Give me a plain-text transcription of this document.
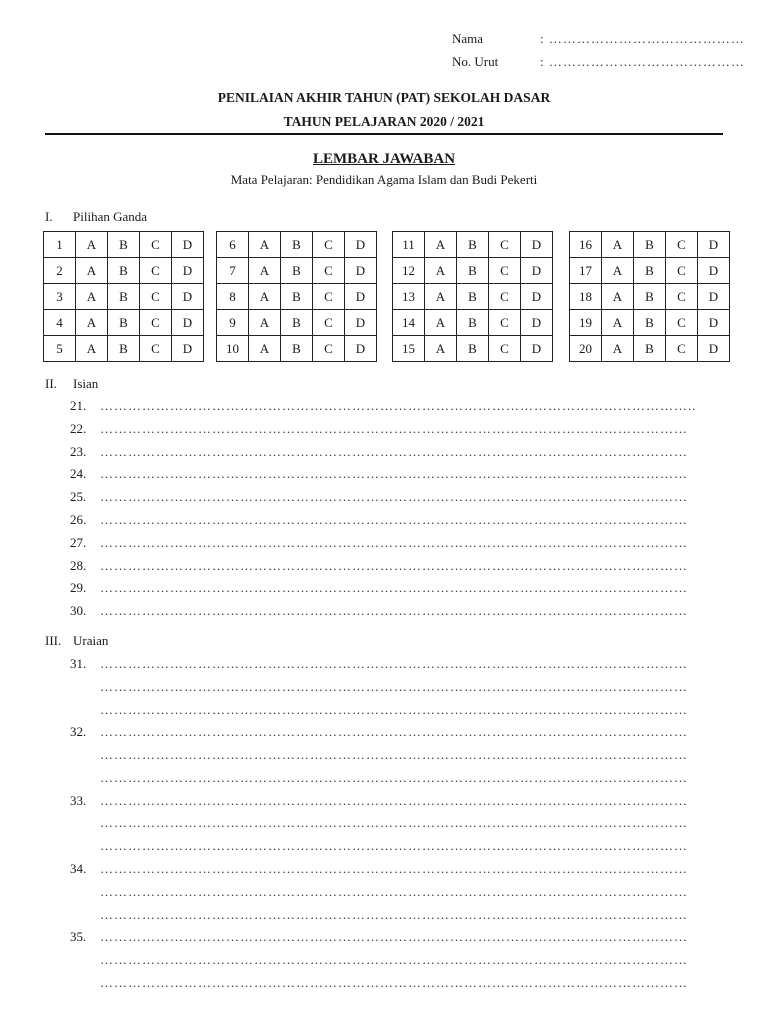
Nama	: ……………………………………
No. Urut	: ……………………………………
PENILAIAN AKHIR TAHUN (PAT) SEKOLAH DASAR
TAHUN PELAJARAN 2020 / 2021
LEMBAR JAWABAN
Mata Pelajaran: Pendidikan Agama Islam dan Budi Pekerti
I. Pilihan Ganda
1	A	B	C	D
2	A	B	C	D
3	A	B	C	D
4	A	B	C	D
5	A	B	C	D
6	A	B	C	D
7	A	B	C	D
8	A	B	C	D
9	A	B	C	D
10	A	B	C	D
11	A	B	C	D
12	A	B	C	D
13	A	B	C	D
14	A	B	C	D
15	A	B	C	D
16	A	B	C	D
17	A	B	C	D
18	A	B	C	D
19	A	B	C	D
20	A	B	C	D
II. Isian
21.	………………………………………………………………………………………………………………..
22.	………………………………………………………………………………………………………………
23.	………………………………………………………………………………………………………………
24.	………………………………………………………………………………………………………………
25.	………………………………………………………………………………………………………………
26.	………………………………………………………………………………………………………………
27.	………………………………………………………………………………………………………………
28.	………………………………………………………………………………………………………………
29.	………………………………………………………………………………………………………………
30.	………………………………………………………………………………………………………………
III. Uraian
31.	………………………………………………………………………………………………………………
………………………………………………………………………………………………………………
………………………………………………………………………………………………………………
32.	………………………………………………………………………………………………………………
………………………………………………………………………………………………………………
………………………………………………………………………………………………………………
33.	………………………………………………………………………………………………………………
………………………………………………………………………………………………………………
………………………………………………………………………………………………………………
34.	………………………………………………………………………………………………………………
………………………………………………………………………………………………………………
………………………………………………………………………………………………………………
35.	………………………………………………………………………………………………………………
………………………………………………………………………………………………………………
………………………………………………………………………………………………………………
